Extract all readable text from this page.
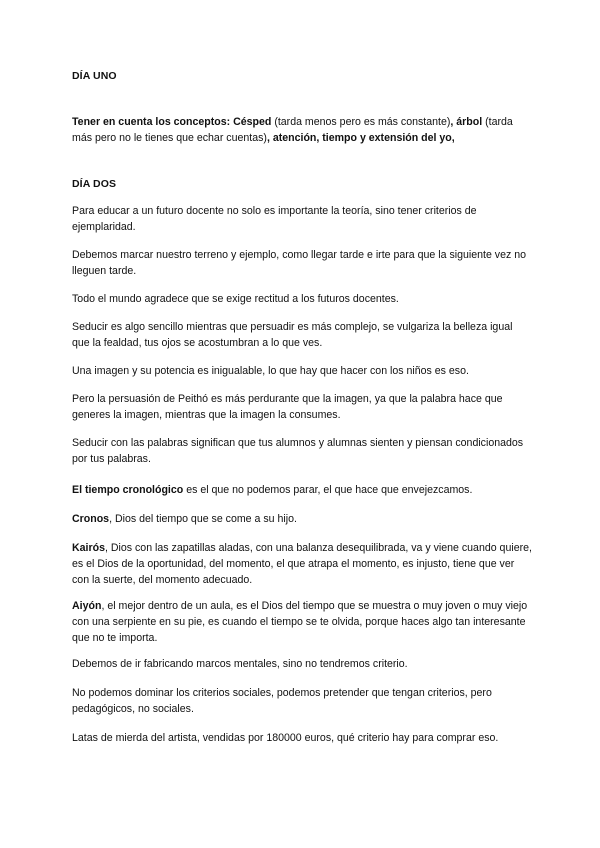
DÍA UNO

Tener en cuenta los conceptos: Césped (tarda menos pero es más constante), árbol (tarda más pero no le tienes que echar cuentas), atención, tiempo y extensión del yo,

DÍA DOS

Para educar a un futuro docente no solo es importante la teoría, sino tener criterios de ejemplaridad.

Debemos marcar nuestro terreno y ejemplo, como llegar tarde e irte para que la siguiente vez no lleguen tarde.

Todo el mundo agradece que se exige rectitud a los futuros docentes.

Seducir es algo sencillo mientras que persuadir es más complejo, se vulgariza la belleza igual que la fealdad, tus ojos se acostumbran a lo que ves.

Una imagen y su potencia es inigualable, lo que hay que hacer con los niños es eso.

Pero la persuasión de Peithó es más perdurante que la imagen, ya que la palabra hace que generes la imagen, mientras que la imagen la consumes.

Seducir con las palabras significan que tus alumnos y alumnas sienten y piensan condicionados por tus palabras.

El tiempo cronológico es el que no podemos parar, el que hace que envejezcamos.

Cronos, Dios del tiempo que se come a su hijo.

Kairós, Dios con las zapatillas aladas, con una balanza desequilibrada, va y viene cuando quiere, es el Dios de la oportunidad, del momento, el que atrapa el momento, es injusto, tiene que ver con la suerte, del momento adecuado.

Aiyón, el mejor dentro de un aula, es el Dios del tiempo que se muestra o muy joven o muy viejo con una serpiente en su pie, es cuando el tiempo se te olvida, porque haces algo tan interesante que no te importa.

Debemos de ir fabricando marcos mentales, sino no tendremos criterio.

No podemos dominar los criterios sociales, podemos pretender que tengan criterios, pero pedagógicos, no sociales.

Latas de mierda del artista, vendidas por 180000 euros, qué criterio hay para comprar eso.
